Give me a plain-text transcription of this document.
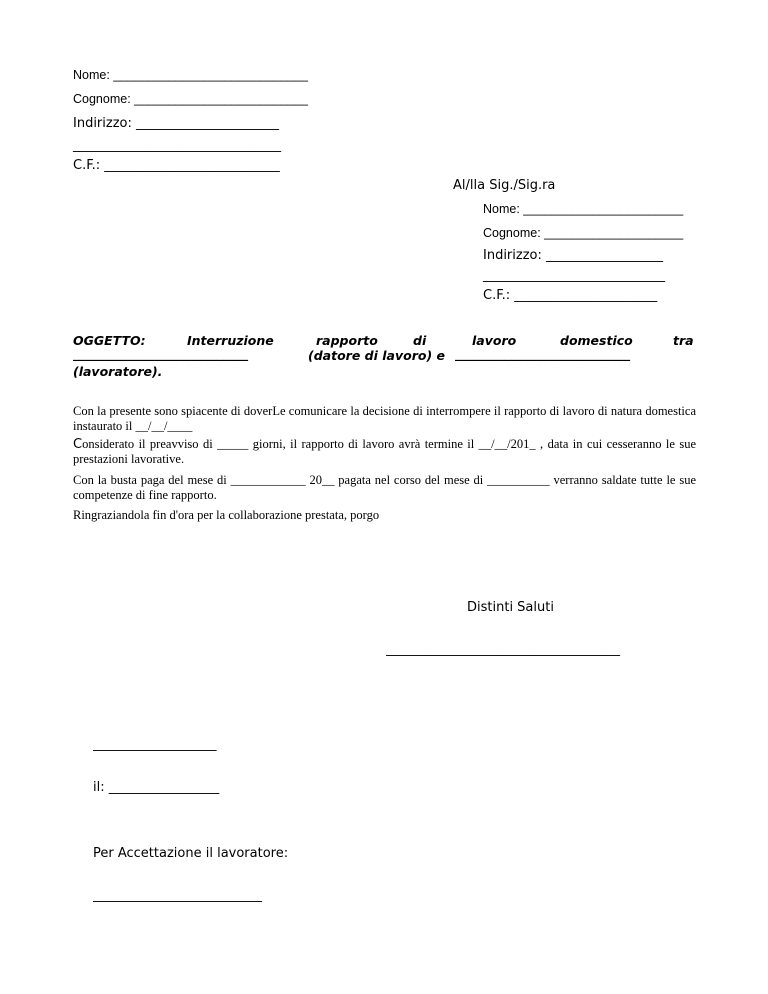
Nome: ____________________________
Cognome: _________________________
Indirizzo: ______________________
________________________________
C.F.: ___________________________
Al/lla Sig./Sig.ra
Nome: _______________________
Cognome: ____________________
Indirizzo: __________________
____________________________
C.F.: ______________________
OGGETTO:	Interruzione	rapporto	di	lavoro	domestico	tra
____________________________	(datore di lavoro) e ____________________________
(lavoratore).
Con la presente sono spiacente di doverLe comunicare la decisione di interrompere il rapporto di lavoro di natura domestica instaurato il __/__/____
Considerato il preavviso di _____ giorni, il rapporto di lavoro avrà termine il __/__/201_ , data in cui cesseranno le sue prestazioni lavorative.
Con la busta paga del mese di ____________ 20__ pagata nel corso del mese di __________ verranno saldate tutte le sue competenze di fine rapporto.
Ringraziandola fin d'ora per la collaborazione prestata, porgo
Distinti Saluti
____________________________________
___________________
il: _________________
Per Accettazione il lavoratore:
__________________________
